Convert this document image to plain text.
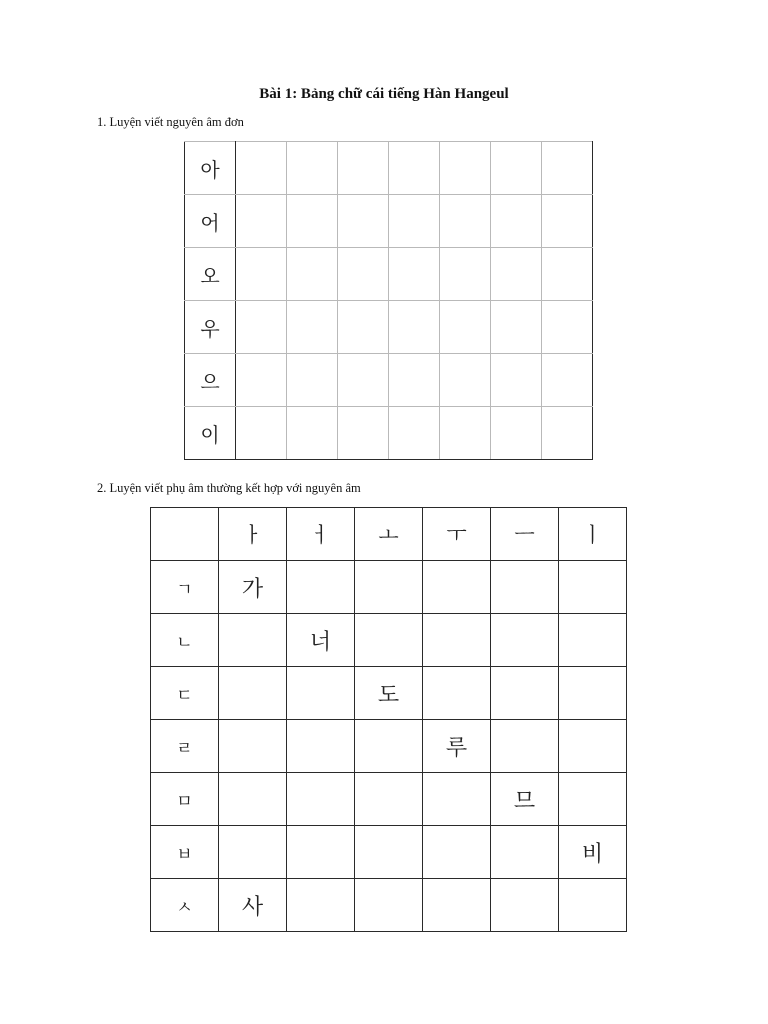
Bài 1: Bảng chữ cái tiếng Hàn Hangeul
1. Luyện viết nguyên âm đơn
아							
어							
오							
우							
으							
이							
2. Luyện viết phụ âm thường kết hợp với nguyên âm
	ㅏ	ㅓ	ㅗ	ㅜ	ㅡ	ㅣ
ㄱ	가					
ㄴ		너				
ㄷ			도			
ㄹ				루		
ㅁ					므	
ㅂ						비
ㅅ	사					
